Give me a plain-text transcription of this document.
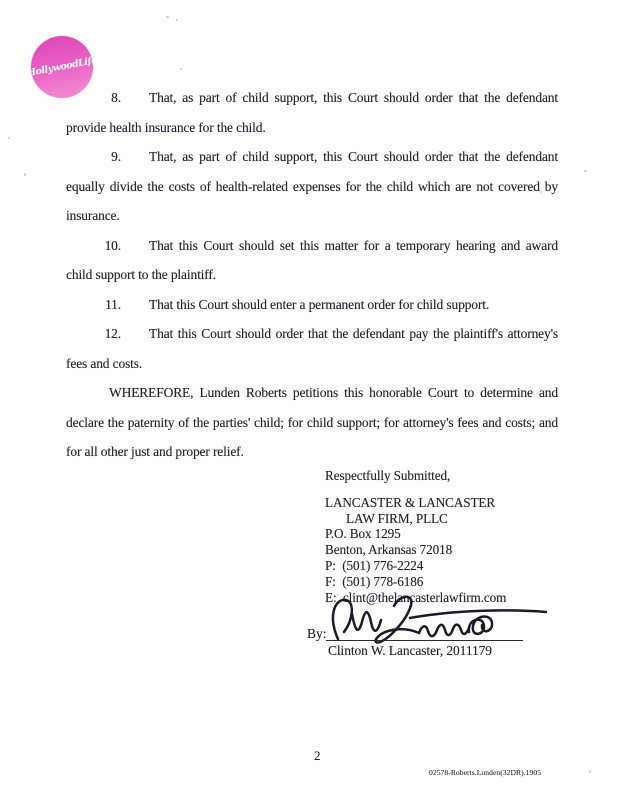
HollywoodLife

8. That, as part of child support, this Court should order that the defendant provide health insurance for the child.

9. That, as part of child support, this Court should order that the defendant equally divide the costs of health-related expenses for the child which are not covered by insurance.

10. That this Court should set this matter for a temporary hearing and award child support to the plaintiff.

11. That this Court should enter a permanent order for child support.

12. That this Court should order that the defendant pay the plaintiff's attorney's fees and costs.

WHEREFORE, Lunden Roberts petitions this honorable Court to determine and declare the paternity of the parties' child; for child support; for attorney's fees and costs; and for all other just and proper relief.

Respectfully Submitted,
LANCASTER & LANCASTER
LAW FIRM, PLLC
P.O. Box 1295
Benton, Arkansas 72018
P:  (501) 776-2224
F:  (501) 778-6186
E:  clint@thelancasterlawfirm.com
By:
Clinton W. Lancaster, 2011179
2
02578-Roberts.Lunden(32DR).1905
